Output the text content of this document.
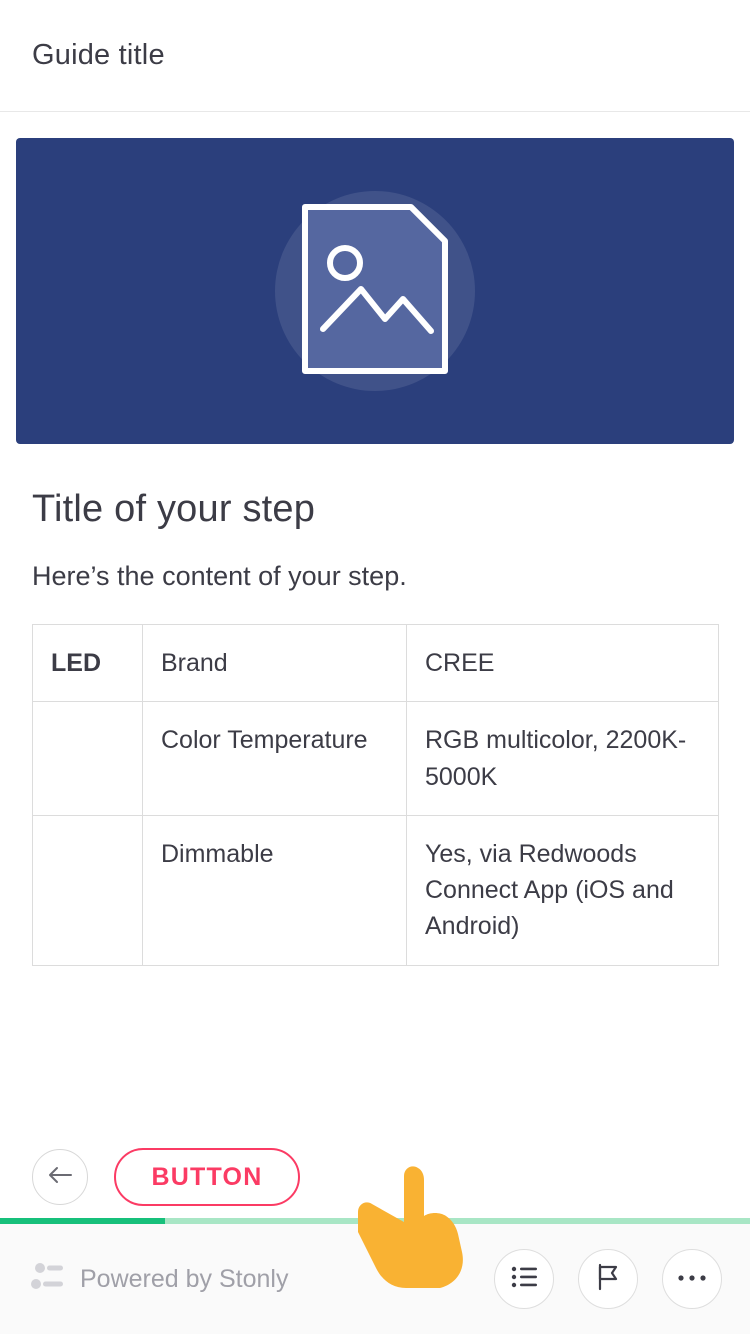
Guide title
Title of your step

Here’s the content of your step.

LED	Brand	CREE
	Color Temperature	RGB multicolor, 2200K-5000K
	Dimmable	Yes, via Redwoods Connect App (iOS and Android)
BUTTON
Powered by Stonly
